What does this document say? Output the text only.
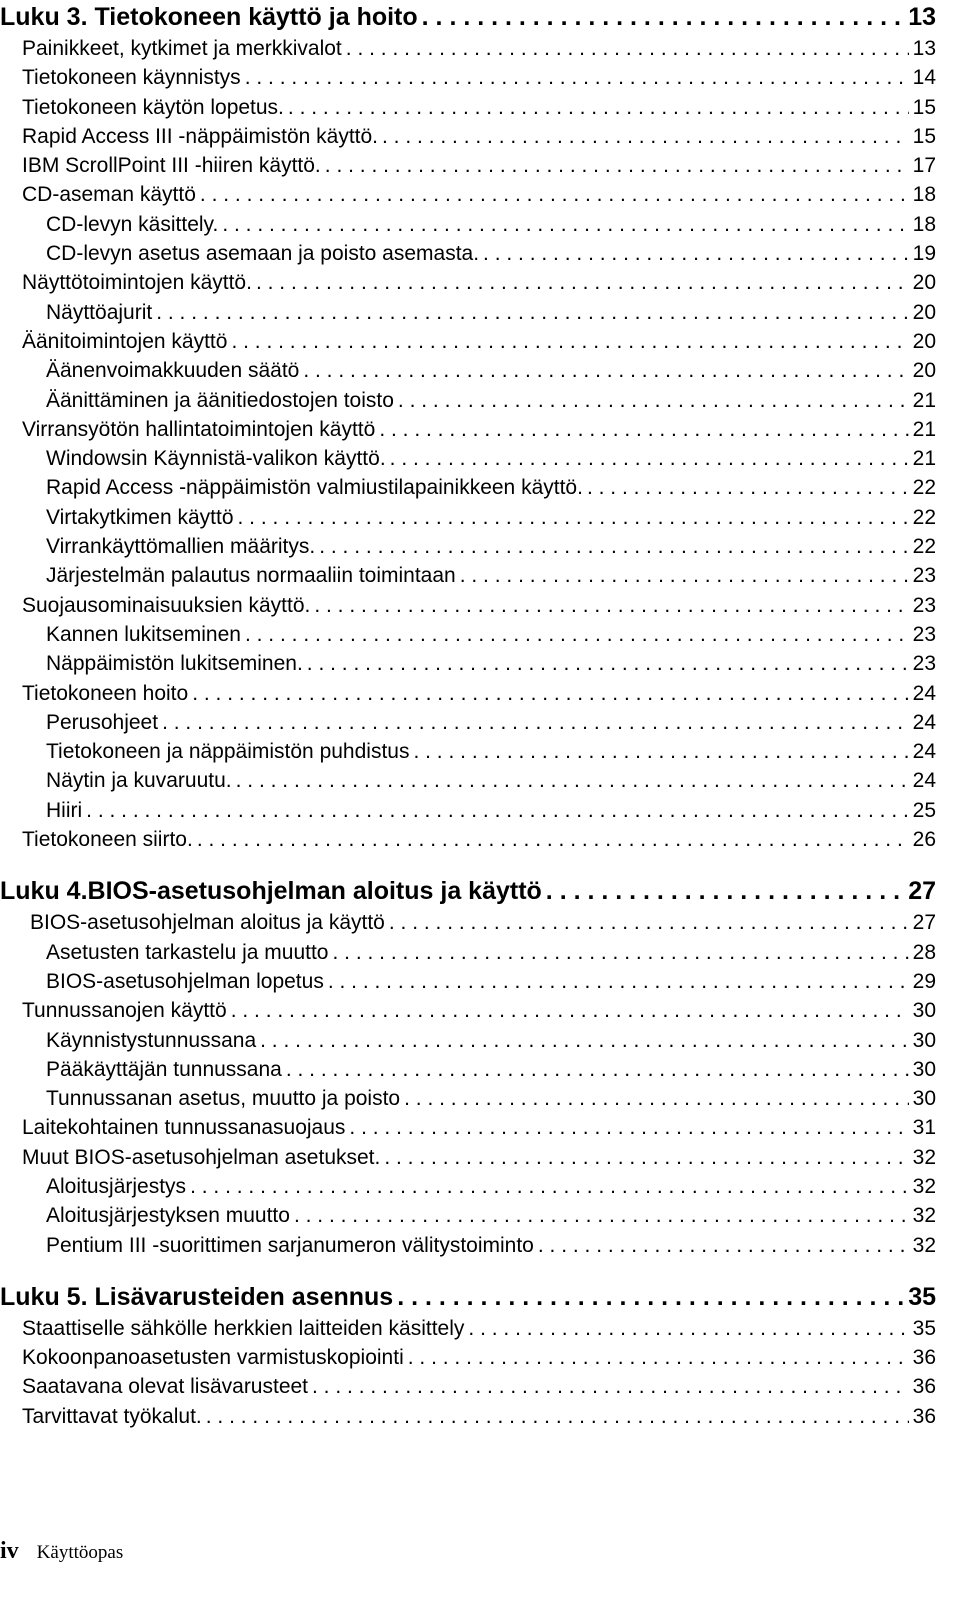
Luku 3. Tietokoneen käyttö ja hoito . . .	13
Painikkeet, kytkimet ja merkkivalot . . .	13
Tietokoneen käynnistys . . .	14
Tietokoneen käytön lopetus. . . .	15
Rapid Access III -näppäimistön käyttö. . . .	15
IBM ScrollPoint III -hiiren käyttö. . . .	17
CD-aseman käyttö . . .	18
CD-levyn käsittely. . . .	18
CD-levyn asetus asemaan ja poisto asemasta. . . .	19
Näyttötoimintojen käyttö. . . .	20
Näyttöajurit . . .	20
Äänitoimintojen käyttö . . .	20
Äänenvoimakkuuden säätö . . .	20
Äänittäminen ja äänitiedostojen toisto . . .	21
Virransyötön hallintatoimintojen käyttö . . .	21
Windowsin Käynnistä-valikon käyttö. . . .	21
Rapid Access -näppäimistön valmiustilapainikkeen käyttö. . . .	22
Virtakytkimen käyttö . . .	22
Virrankäyttömallien määritys. . . .	22
Järjestelmän palautus normaaliin toimintaan . . .	23
Suojausominaisuuksien käyttö. . . .	23
Kannen lukitseminen . . .	23
Näppäimistön lukitseminen. . . .	23
Tietokoneen hoito . . .	24
Perusohjeet . . .	24
Tietokoneen ja näppäimistön puhdistus . . .	24
Näytin ja kuvaruutu. . . .	24
Hiiri . . .	25
Tietokoneen siirto. . . .	26
Luku 4.BIOS-asetusohjelman aloitus ja käyttö . . .	27
BIOS-asetusohjelman aloitus ja käyttö . . .	27
Asetusten tarkastelu ja muutto . . .	28
BIOS-asetusohjelman lopetus . . .	29
Tunnussanojen käyttö . . .	30
Käynnistystunnussana . . .	30
Pääkäyttäjän tunnussana . . .	30
Tunnussanan asetus, muutto ja poisto . . .	30
Laitekohtainen tunnussanasuojaus . . .	31
Muut BIOS-asetusohjelman asetukset. . . .	32
Aloitusjärjestys . . .	32
Aloitusjärjestyksen muutto . . .	32
Pentium III -suorittimen sarjanumeron välitystoiminto . . .	32
Luku 5. Lisävarusteiden asennus . . .	35
Staattiselle sähkölle herkkien laitteiden käsittely . . .	35
Kokoonpanoasetusten varmistuskopiointi . . .	36
Saatavana olevat lisävarusteet . . .	36
Tarvittavat työkalut. . . .	36
iv Käyttöopas
